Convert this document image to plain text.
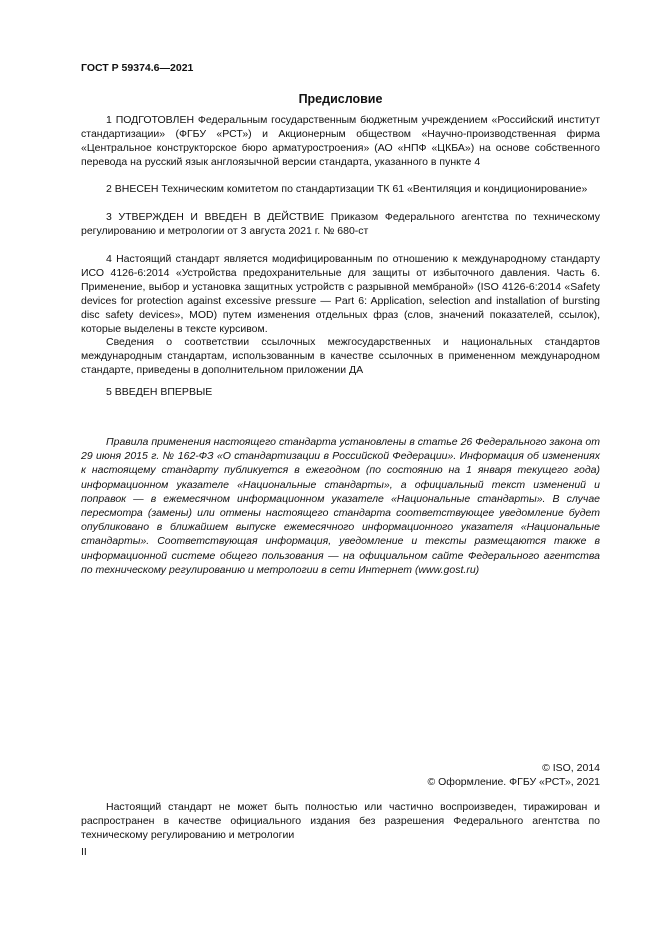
ГОСТ Р 59374.6—2021
Предисловие

1 ПОДГОТОВЛЕН Федеральным государственным бюджетным учреждением «Российский институт стандартизации» (ФГБУ «РСТ») и Акционерным обществом «Научно-производственная фирма «Центральное конструкторское бюро арматуростроения» (АО «НПФ «ЦКБА») на основе собственного перевода на русский язык англоязычной версии стандарта, указанного в пункте 4

2 ВНЕСЕН Техническим комитетом по стандартизации ТК 61 «Вентиляция и кондиционирование»

3 УТВЕРЖДЕН И ВВЕДЕН В ДЕЙСТВИЕ Приказом Федерального агентства по техническому регулированию и метрологии от 3 августа 2021 г. № 680-ст

4 Настоящий стандарт является модифицированным по отношению к международному стандарту ИСО 4126-6:2014 «Устройства предохранительные для защиты от избыточного давления. Часть 6. Применение, выбор и установка защитных устройств с разрывной мембраной» (ISO 4126-6:2014 «Safety devices for protection against excessive pressure — Part 6: Application, selection and installation of bursting disc safety devices», MOD) путем изменения отдельных фраз (слов, значений показателей, ссылок), которые выделены в тексте курсивом.

Сведения о соответствии ссылочных межгосударственных и национальных стандартов международным стандартам, использованным в качестве ссылочных в примененном международном стандарте, приведены в дополнительном приложении ДА

5 ВВЕДЕН ВПЕРВЫЕ

Правила применения настоящего стандарта установлены в статье 26 Федерального закона от 29 июня 2015 г. № 162-ФЗ «О стандартизации в Российской Федерации». Информация об изменениях к настоящему стандарту публикуется в ежегодном (по состоянию на 1 января текущего года) информационном указателе «Национальные стандарты», а официальный текст изменений и поправок — в ежемесячном информационном указателе «Национальные стандарты». В случае пересмотра (замены) или отмены настоящего стандарта соответствующее уведомление будет опубликовано в ближайшем выпуске ежемесячного информационного указателя «Национальные стандарты». Соответствующая информация, уведомление и тексты размещаются также в информационной системе общего пользования — на официальном сайте Федерального агентства по техническому регулированию и метрологии в сети Интернет (www.gost.ru)
© ISO, 2014
© Оформление. ФГБУ «РСТ», 2021
Настоящий стандарт не может быть полностью или частично воспроизведен, тиражирован и распространен в качестве официального издания без разрешения Федерального агентства по техническому регулированию и метрологии
II
